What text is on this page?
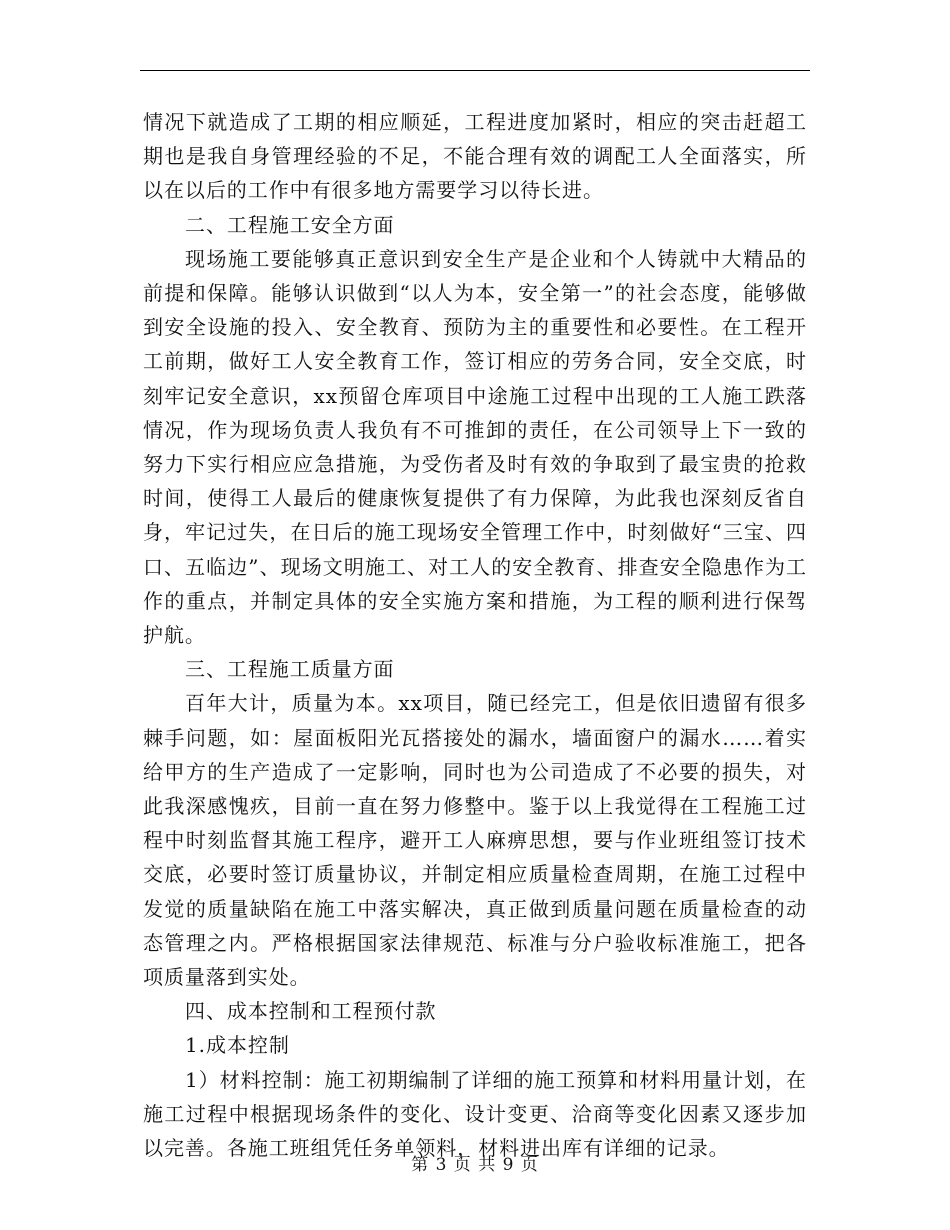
情况下就造成了工期的相应顺延，工程进度加紧时，相应的突击赶超工期也是我自身管理经验的不足，不能合理有效的调配工人全面落实，所以在以后的工作中有很多地方需要学习以待长进。

二、工程施工安全方面

现场施工要能够真正意识到安全生产是企业和个人铸就中大精品的前提和保障。能够认识做到“以人为本，安全第一”的社会态度，能够做到安全设施的投入、安全教育、预防为主的重要性和必要性。在工程开工前期，做好工人安全教育工作，签订相应的劳务合同，安全交底，时刻牢记安全意识，xx预留仓库项目中途施工过程中出现的工人施工跌落情况，作为现场负责人我负有不可推卸的责任，在公司领导上下一致的努力下实行相应应急措施，为受伤者及时有效的争取到了最宝贵的抢救时间，使得工人最后的健康恢复提供了有力保障，为此我也深刻反省自身，牢记过失，在日后的施工现场安全管理工作中，时刻做好“三宝、四口、五临边”、现场文明施工、对工人的安全教育、排查安全隐患作为工作的重点，并制定具体的安全实施方案和措施，为工程的顺利进行保驾护航。

三、工程施工质量方面

百年大计，质量为本。xx项目，随已经完工，但是依旧遗留有很多棘手问题，如：屋面板阳光瓦搭接处的漏水，墙面窗户的漏水……着实给甲方的生产造成了一定影响，同时也为公司造成了不必要的损失，对此我深感愧疚，目前一直在努力修整中。鉴于以上我觉得在工程施工过程中时刻监督其施工程序，避开工人麻痹思想，要与作业班组签订技术交底，必要时签订质量协议，并制定相应质量检查周期，在施工过程中发觉的质量缺陷在施工中落实解决，真正做到质量问题在质量检查的动态管理之内。严格根据国家法律规范、标准与分户验收标准施工，把各项质量落到实处。

四、成本控制和工程预付款

1.成本控制

1）材料控制：施工初期编制了详细的施工预算和材料用量计划，在施工过程中根据现场条件的变化、设计变更、洽商等变化因素又逐步加以完善。各施工班组凭任务单领料，材料进出库有详细的记录。

第 3 页 共 9 页
